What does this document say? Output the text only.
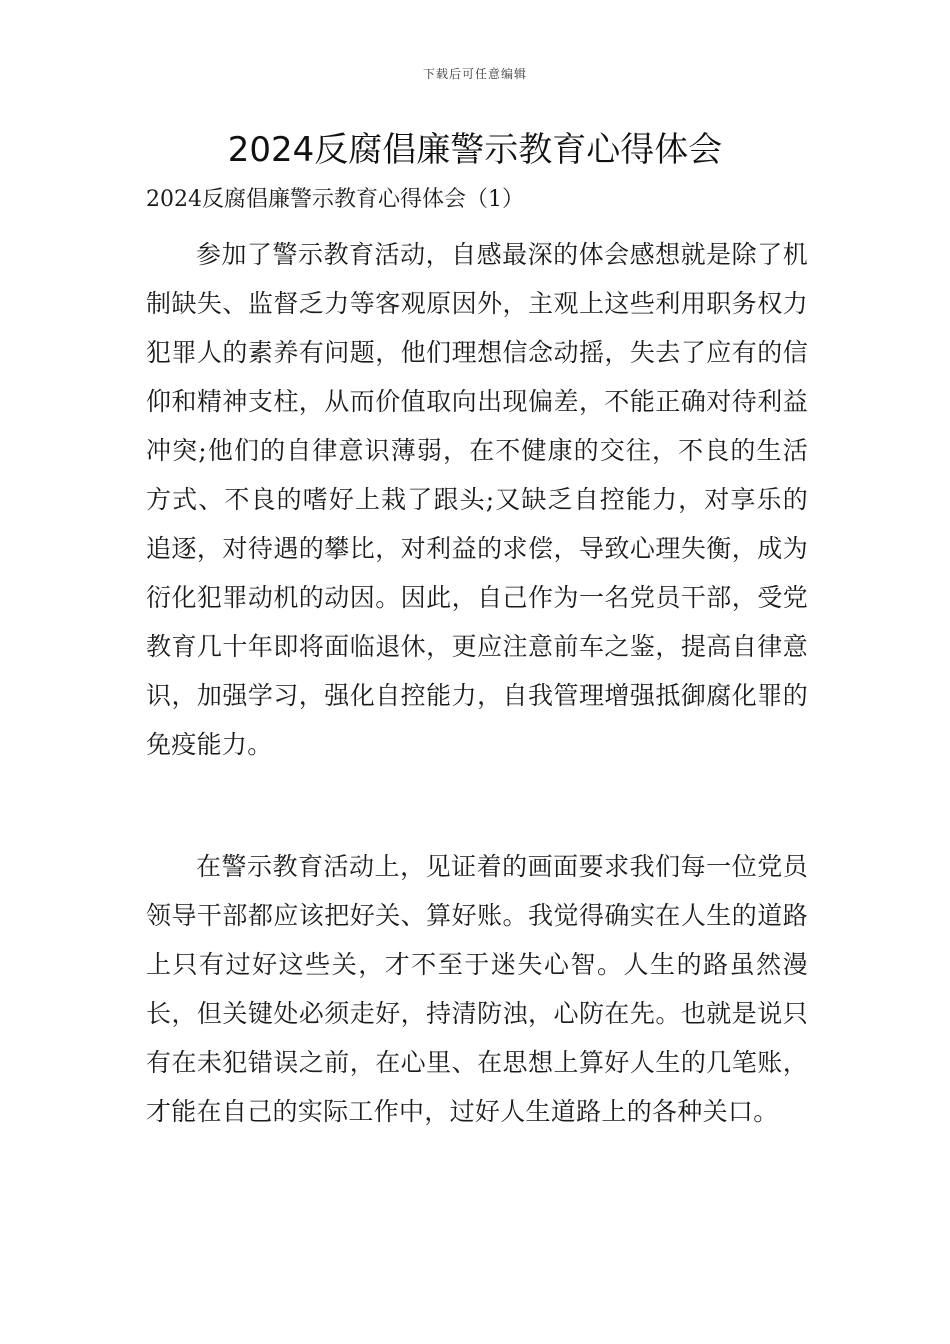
下载后可任意编辑
2024反腐倡廉警示教育心得体会

2024反腐倡廉警示教育心得体会（1）

参加了警示教育活动，自感最深的体会感想就是除了机制缺失、监督乏力等客观原因外，主观上这些利用职务权力犯罪人的素养有问题，他们理想信念动摇，失去了应有的信仰和精神支柱，从而价值取向出现偏差，不能正确对待利益冲突;他们的自律意识薄弱，在不健康的交往，不良的生活方式、不良的嗜好上栽了跟头;又缺乏自控能力，对享乐的追逐，对待遇的攀比，对利益的求偿，导致心理失衡，成为衍化犯罪动机的动因。因此，自己作为一名党员干部，受党教育几十年即将面临退休，更应注意前车之鉴，提高自律意识，加强学习，强化自控能力，自我管理增强抵御腐化罪的免疫能力。

在警示教育活动上，见证着的画面要求我们每一位党员领导干部都应该把好关、算好账。我觉得确实在人生的道路上只有过好这些关，才不至于迷失心智。人生的路虽然漫长，但关键处必须走好，持清防浊，心防在先。也就是说只有在未犯错误之前，在心里、在思想上算好人生的几笔账，才能在自己的实际工作中，过好人生道路上的各种关口。
